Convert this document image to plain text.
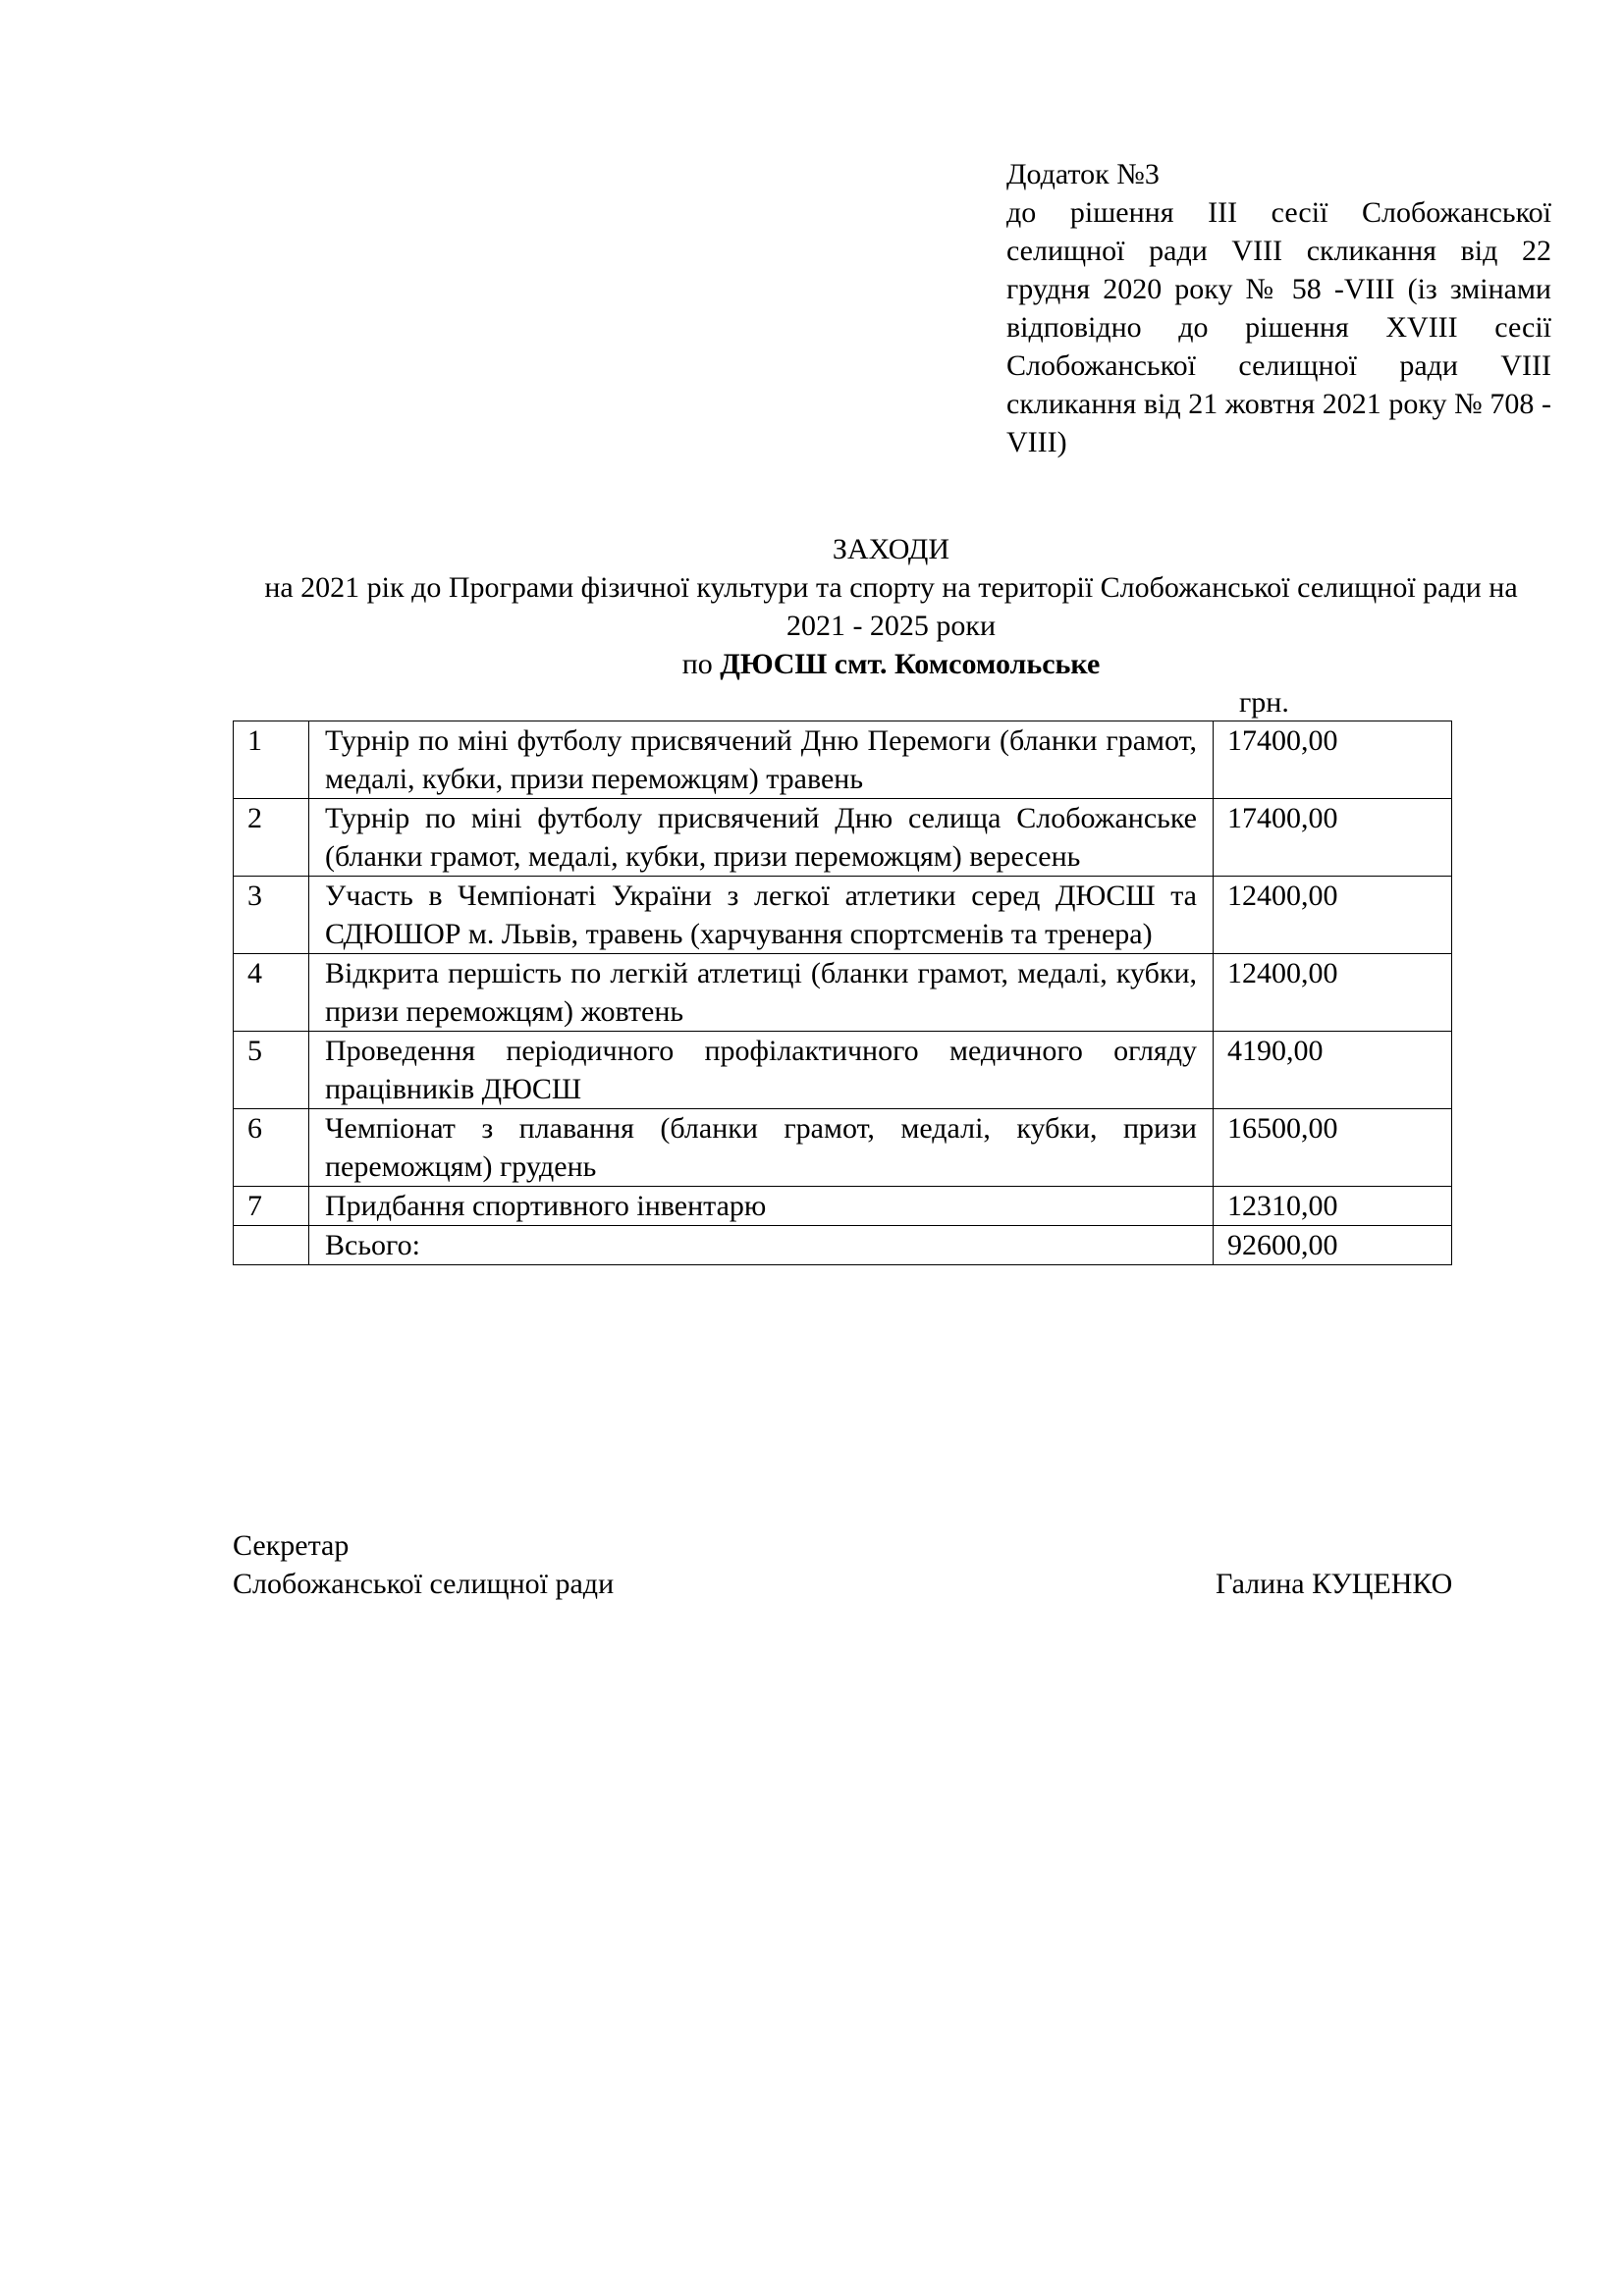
Додаток №3
до рішення ІІІ сесії Слобожанської селищної ради VIII скликання від 22 грудня 2020 року № 58 -VIII (із змінами відповідно до рішення XVIII сесії Слобожанської селищної ради VIII скликання від 21 жовтня 2021 року № 708 -VIII)
ЗАХОДИ
на 2021 рік до Програми фізичної культури та спорту на території Слобожанської селищної ради на 2021 - 2025 роки
по ДЮСШ смт. Комсомольське
грн.
1	Турнір по міні футболу присвячений Дню Перемоги (бланки грамот, медалі, кубки, призи переможцям) травень	17400,00
2	Турнір по міні футболу присвячений Дню селища Слобожанське (бланки грамот, медалі, кубки, призи переможцям) вересень	17400,00
3	Участь в Чемпіонаті України з легкої атлетики серед ДЮСШ та СДЮШОР м. Львів, травень (харчування спортсменів та тренера)	12400,00
4	Відкрита першість по легкій атлетиці (бланки грамот, медалі, кубки, призи переможцям) жовтень	12400,00
5	Проведення періодичного профілактичного медичного огляду працівників ДЮСШ	4190,00
6	Чемпіонат з плавання (бланки грамот, медалі, кубки, призи переможцям) грудень	16500,00
7	Придбання спортивного інвентарю	12310,00
	Всього:	92600,00
Секретар
Слобожанської селищної ради	Галина КУЦЕНКО
